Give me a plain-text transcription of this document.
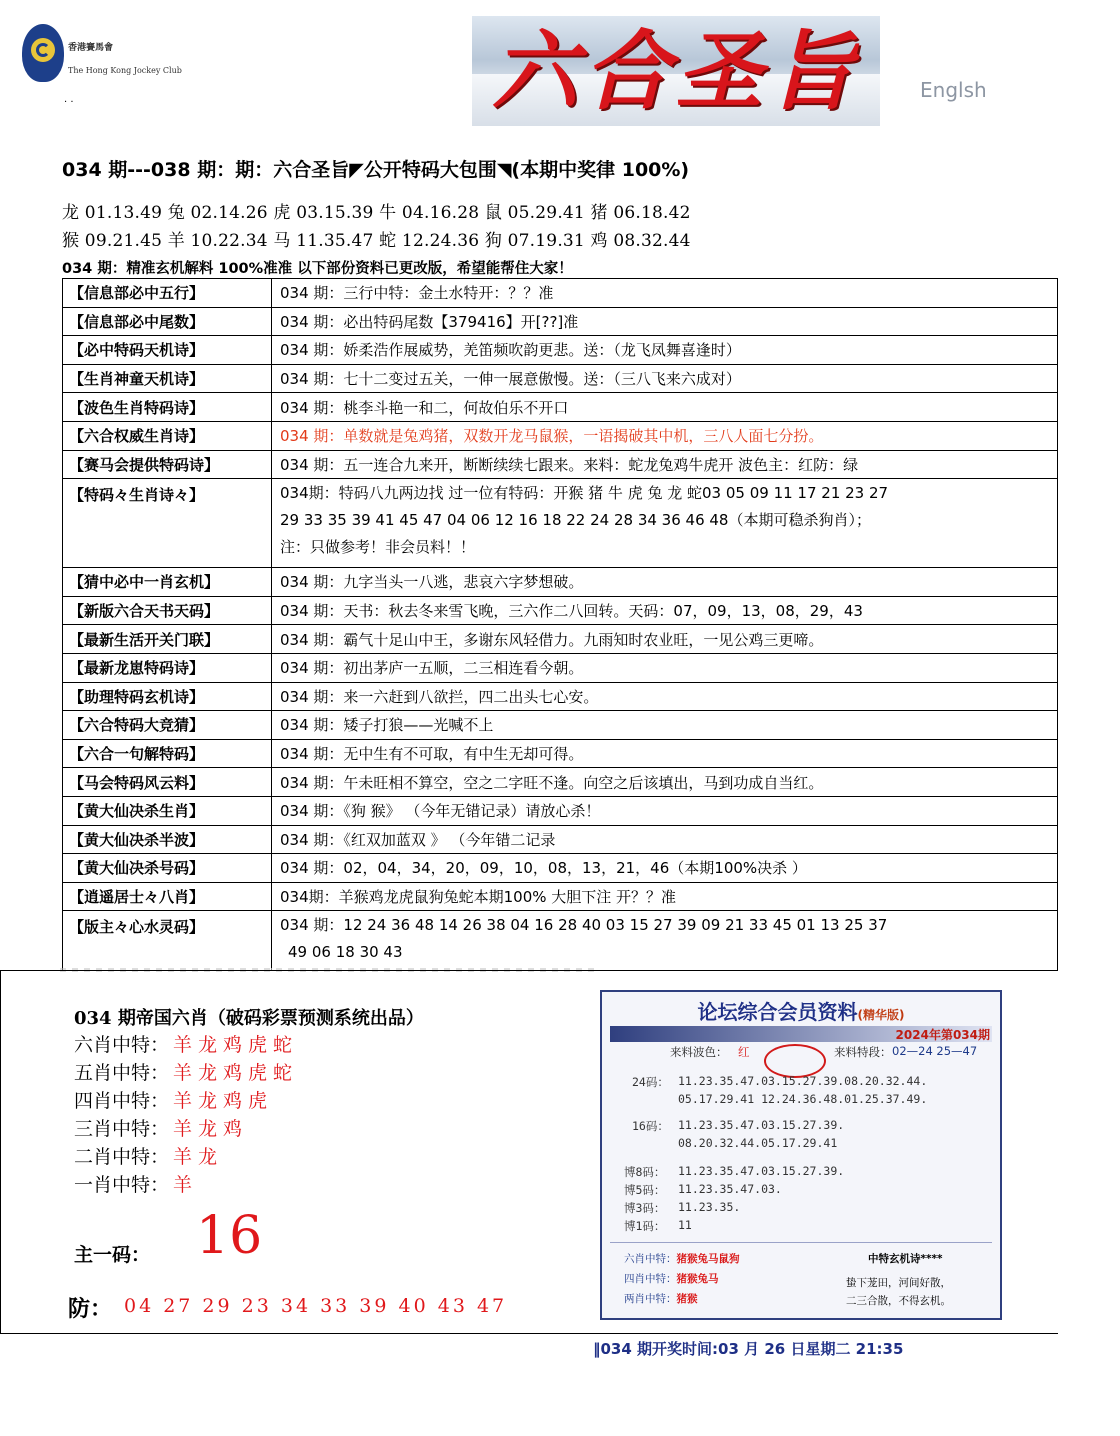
香港賽馬會
The Hong Kong Jockey Club
. .	六合圣旨	Englsh
034 期---038 期：期：六合圣旨◤公开特码大包围◥(本期中奖律 100%)
龙 01.13.49 兔 02.14.26 虎 03.15.39 牛 04.16.28 鼠 05.29.41 猪 06.18.42
猴 09.21.45 羊 10.22.34 马 11.35.47 蛇 12.24.36 狗 07.19.31 鸡 08.32.44
034 期：精准玄机解料 100%准准 以下部份资料已更改版，希望能帮住大家！
【信息部必中五行】	034 期：三行中特：金土水特开：？？准
【信息部必中尾数】	034 期：必出特码尾数【379416】开[??]准
【必中特码天机诗】	034 期：娇柔浩作展威势，羌笛频吹韵更悲。送：（龙飞凤舞喜逢时）
【生肖神童天机诗】	034 期：七十二变过五关，一伸一展意傲慢。送：（三八飞来六成对）
【波色生肖特码诗】	034 期：桃李斗艳一和二，何故伯乐不开口
【六合权威生肖诗】	034 期：单数就是兔鸡猪，双数开龙马鼠猴，一语揭破其中机，三八人面七分扮。
【赛马会提供特码诗】	034 期：五一连合九来开，断断续续七跟来。来料：蛇龙兔鸡牛虎开 波色主：红防：绿
【特码々生肖诗々】	034期：特码八九两边找 过一位有特码：开猴 猪 牛 虎 兔 龙 蛇03 05 09 11 17 21 23 27
29 33 35 39 41 45 47 04 06 12 16 18 22 24 28 34 36 46 48（本期可稳杀狗肖）；
注：只做参考！非会员料！！

【猜中必中一肖玄机】	034 期：九字当头一八逃，悲哀六字梦想破。
【新版六合天书天码】	034 期：天书：秋去冬来雪飞晚，三六作二八回转。天码：07，09，13，08，29，43
【最新生活开关门联】	034 期：霸气十足山中王，多谢东风轻借力。九雨知时农业旺，一见公鸡三更啼。
【最新龙崽特码诗】	034 期：初出茅庐一五顺，二三相连看今朝。
【助理特码玄机诗】	034 期：来一六赶到八欲拦，四二出头七心安。
【六合特码大竞猜】	034 期：矮子打狼——光喊不上
【六合一句解特码】	034 期：无中生有不可取，有中生无却可得。
【马会特码风云料】	034 期：午未旺相不算空，空之二字旺不逢。向空之后该填出，马到功成自当红。
【黄大仙决杀生肖】	034 期：《狗 猴》 （今年无错记录）请放心杀！
【黄大仙决杀半波】	034 期：《红双加蓝双 》 （今年错二记录
【黄大仙决杀号码】	034 期：02，04，34，20，09，10，08，13，21，46（本期100%决杀 ）
【逍遥居士々八肖】	034期：羊猴鸡龙虎鼠狗兔蛇本期100% 大胆下注 开？？准
【版主々心水灵码】	034 期：12 24 36 48 14 26 38 04 16 28 40 03 15 27 39 09 21 33 45 01 13 25 37
49 06 18 30 43
034 期帝国六肖（破码彩票预测系统出品）
六肖中特： 羊龙鸡虎蛇
五肖中特： 羊龙鸡虎蛇
四肖中特： 羊龙鸡虎
三肖中特： 羊龙鸡
二肖中特： 羊龙
一肖中特： 羊
主一码： 16
防： 04 27 29 23 34 33 39 40 43 47
论坛综合会员资料(精华版)
2024年第034期
来料波色： 红	来料特段： 02—24 25—47
24码： 11.23.35.47.03.15.27.39.08.20.32.44.
05.17.29.41 12.24.36.48.01.25.37.49.
16码： 11.23.35.47.03.15.27.39.
08.20.32.44.05.17.29.41
博8码： 11.23.35.47.03.15.27.39.
博5码： 11.23.35.47.03.
博3码： 11.23.35.
博1码： 11
六肖中特：猪猴兔马鼠狗
四肖中特：猪猴兔马
两肖中特：猪猴
中特玄机诗****
蛰下茏田，河间好散，
二三合散，不得玄机。
‖034 期开奖时间:03 月 26 日星期二 21:35
